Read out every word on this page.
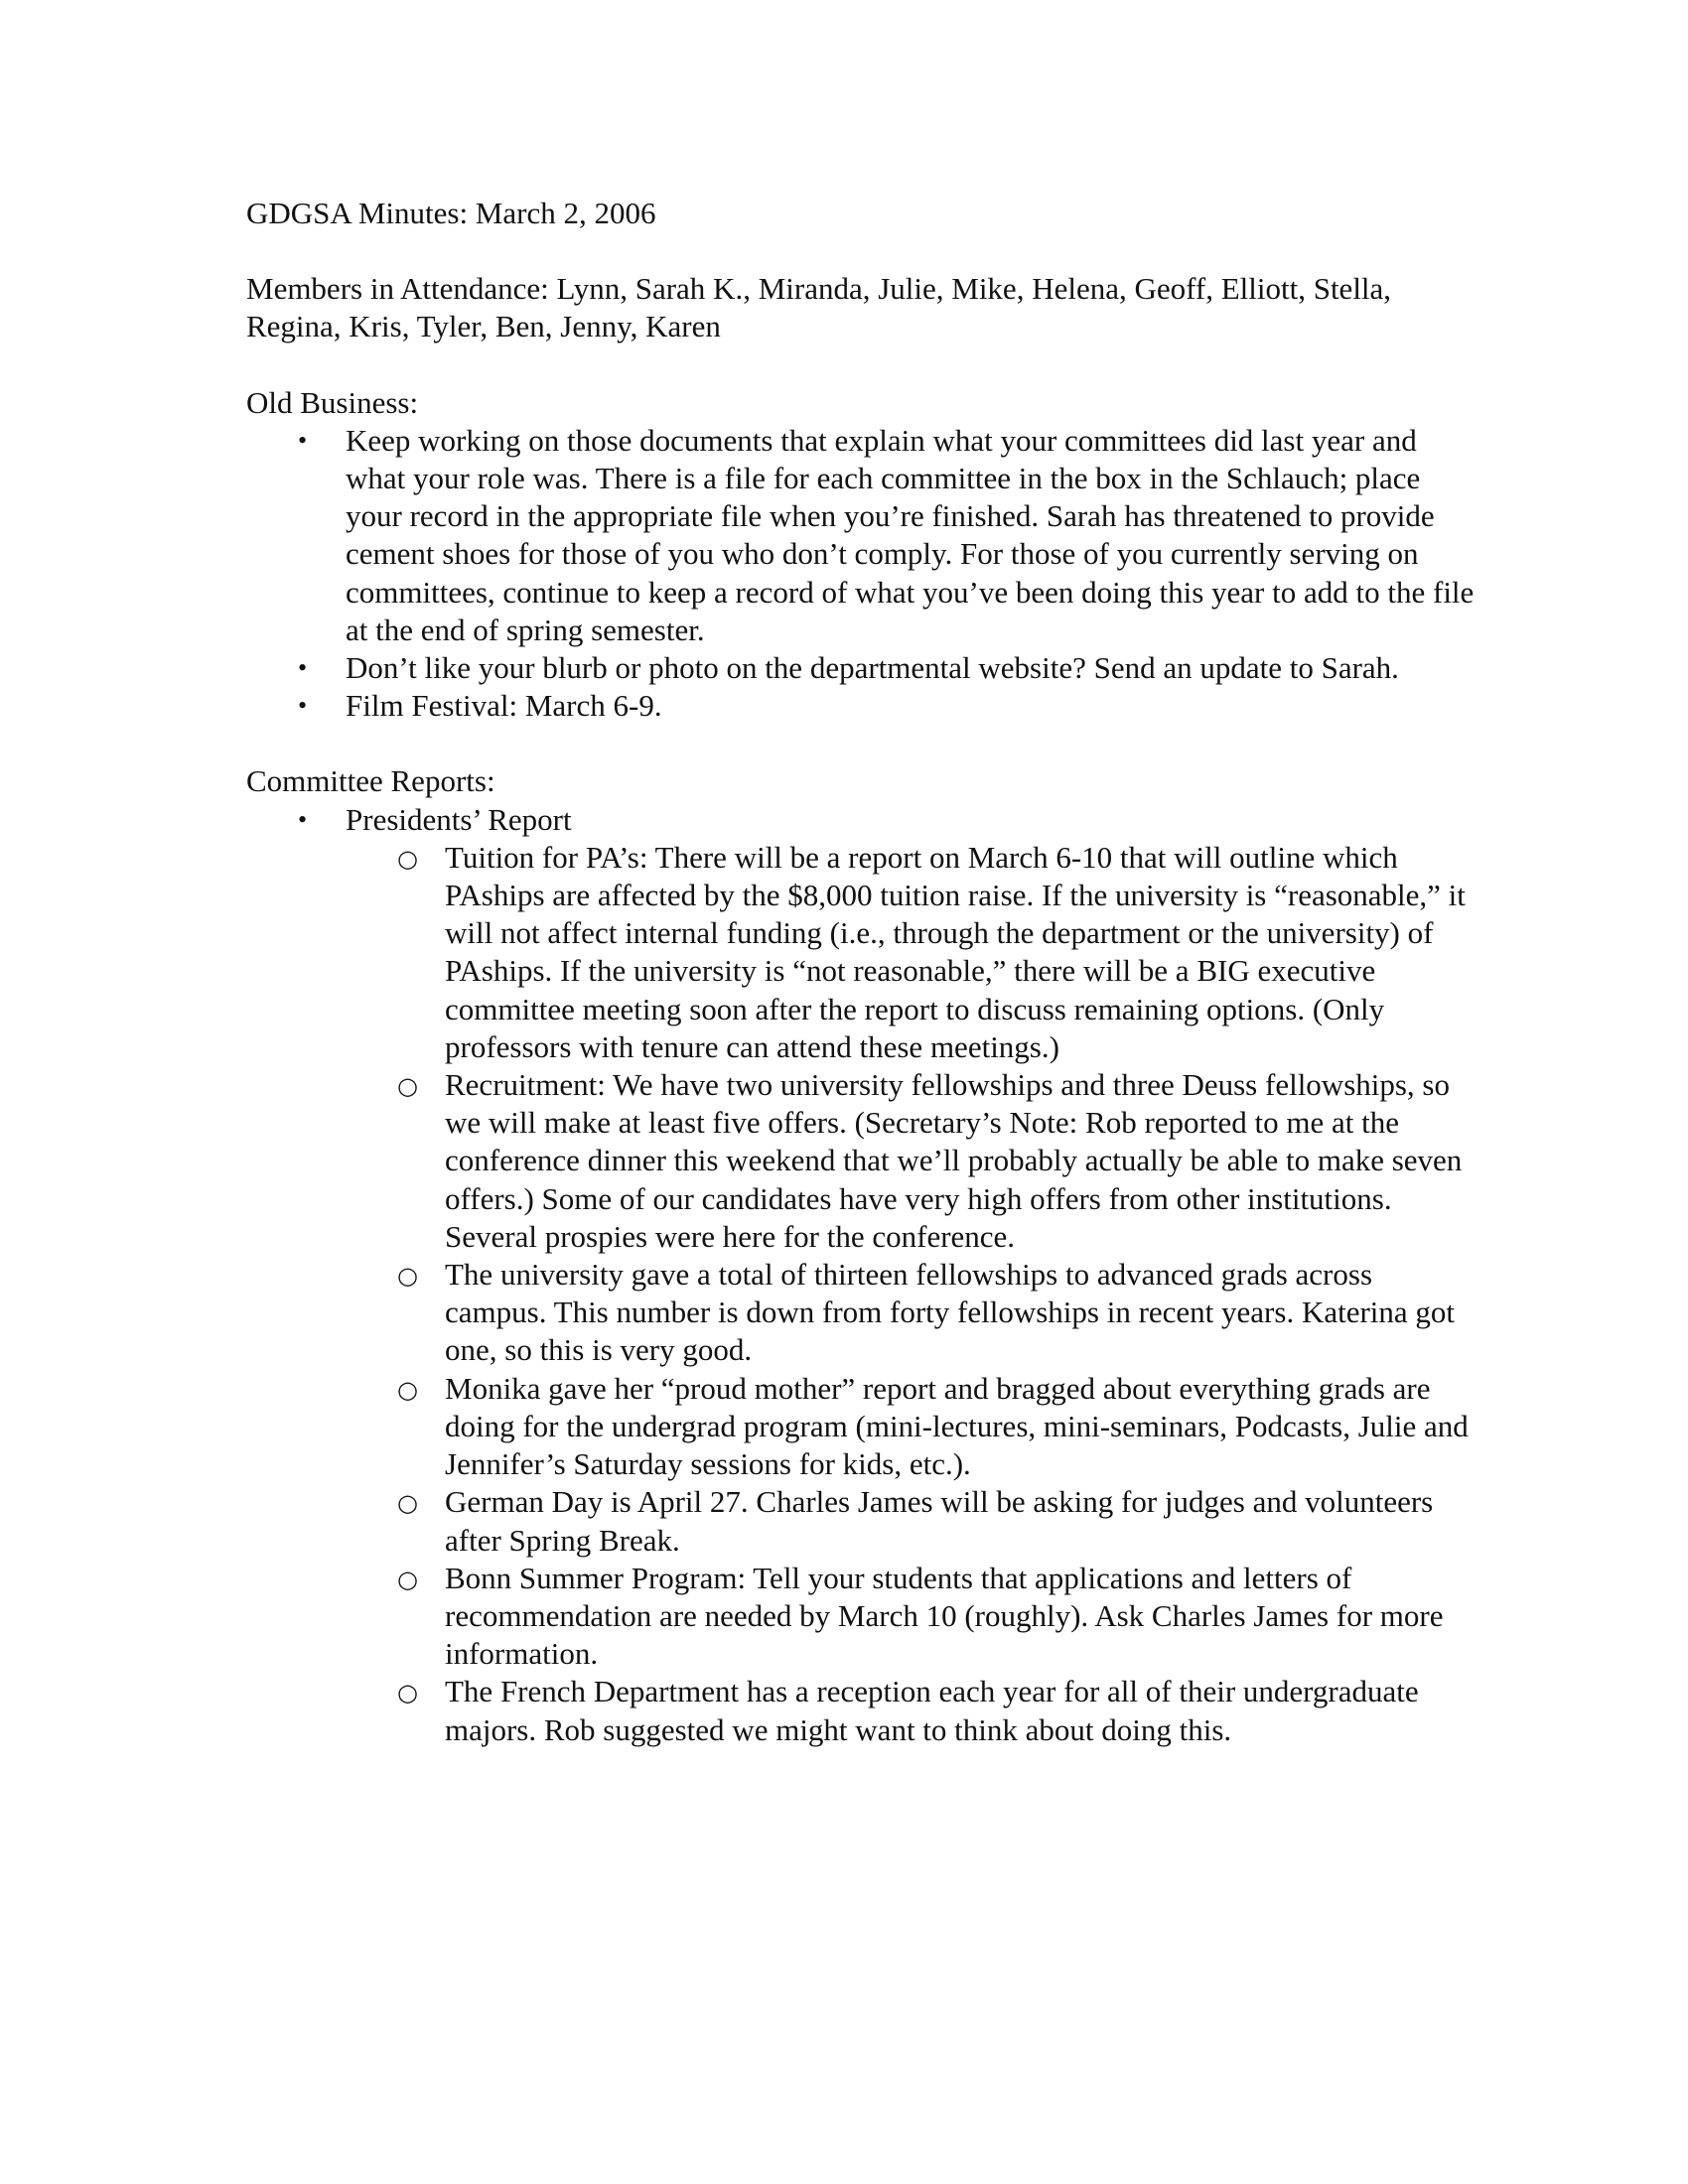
GDGSA Minutes: March 2, 2006

Members in Attendance: Lynn, Sarah K., Miranda, Julie, Mike, Helena, Geoff, Elliott, Stella, Regina, Kris, Tyler, Ben, Jenny, Karen

Old Business:

• Keep working on those documents that explain what your committees did last year and what your role was. There is a file for each committee in the box in the Schlauch; place your record in the appropriate file when you’re finished. Sarah has threatened to provide cement shoes for those of you who don’t comply. For those of you currently serving on committees, continue to keep a record of what you’ve been doing this year to add to the file at the end of spring semester.
• Don’t like your blurb or photo on the departmental website? Send an update to Sarah.
• Film Festival: March 6-9.

Committee Reports:

• Presidents’ Report
○ Tuition for PA’s: There will be a report on March 6-10 that will outline which PAships are affected by the $8,000 tuition raise. If the university is “reasonable,” it will not affect internal funding (i.e., through the department or the university) of PAships. If the university is “not reasonable,” there will be a BIG executive committee meeting soon after the report to discuss remaining options. (Only professors with tenure can attend these meetings.)
○ Recruitment: We have two university fellowships and three Deuss fellowships, so we will make at least five offers. (Secretary’s Note: Rob reported to me at the conference dinner this weekend that we’ll probably actually be able to make seven offers.) Some of our candidates have very high offers from other institutions. Several prospies were here for the conference.
○ The university gave a total of thirteen fellowships to advanced grads across campus. This number is down from forty fellowships in recent years. Katerina got one, so this is very good.
○ Monika gave her “proud mother” report and bragged about everything grads are doing for the undergrad program (mini-lectures, mini-seminars, Podcasts, Julie and Jennifer’s Saturday sessions for kids, etc.).
○ German Day is April 27. Charles James will be asking for judges and volunteers after Spring Break.
○ Bonn Summer Program: Tell your students that applications and letters of recommendation are needed by March 10 (roughly). Ask Charles James for more information.
○ The French Department has a reception each year for all of their undergraduate majors. Rob suggested we might want to think about doing this.
